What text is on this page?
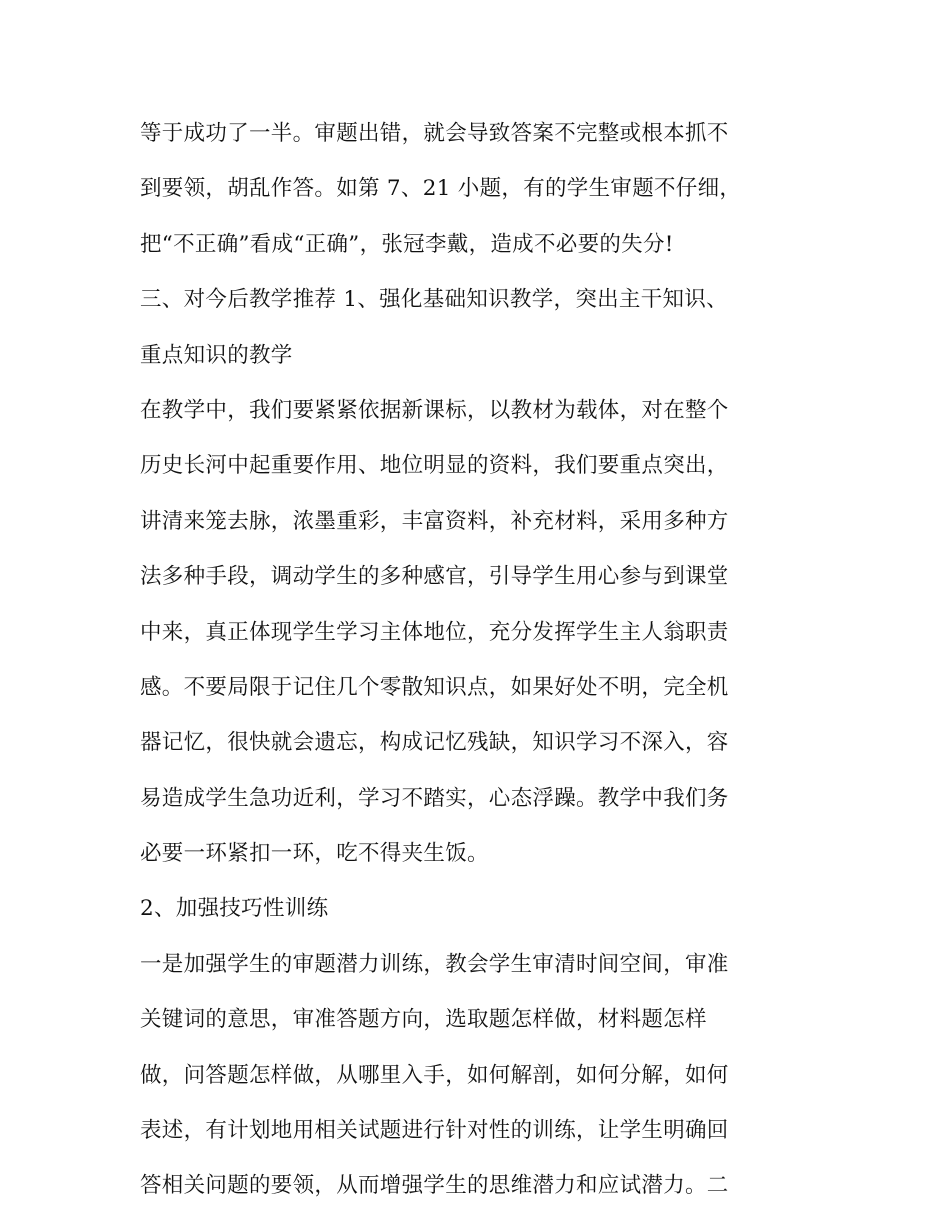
等于成功了一半。审题出错，就会导致答案不完整或根本抓不
到要领，胡乱作答。如第 7、21 小题，有的学生审题不仔细，
把“不正确”看成“正确”，张冠李戴，造成不必要的失分!
三、对今后教学推荐 1、强化基础知识教学，突出主干知识、
重点知识的教学
在教学中，我们要紧紧依据新课标，以教材为载体，对在整个
历史长河中起重要作用、地位明显的资料，我们要重点突出，
讲清来笼去脉，浓墨重彩，丰富资料，补充材料，采用多种方
法多种手段，调动学生的多种感官，引导学生用心参与到课堂
中来，真正体现学生学习主体地位，充分发挥学生主人翁职责
感。不要局限于记住几个零散知识点，如果好处不明，完全机
器记忆，很快就会遗忘，构成记忆残缺，知识学习不深入，容
易造成学生急功近利，学习不踏实，心态浮躁。教学中我们务
必要一环紧扣一环，吃不得夹生饭。
2、加强技巧性训练
一是加强学生的审题潜力训练，教会学生审清时间空间，审准
关键词的意思，审准答题方向，选取题怎样做，材料题怎样
做，问答题怎样做，从哪里入手，如何解剖，如何分解，如何
表述，有计划地用相关试题进行针对性的训练，让学生明确回
答相关问题的要领，从而增强学生的思维潜力和应试潜力。二
